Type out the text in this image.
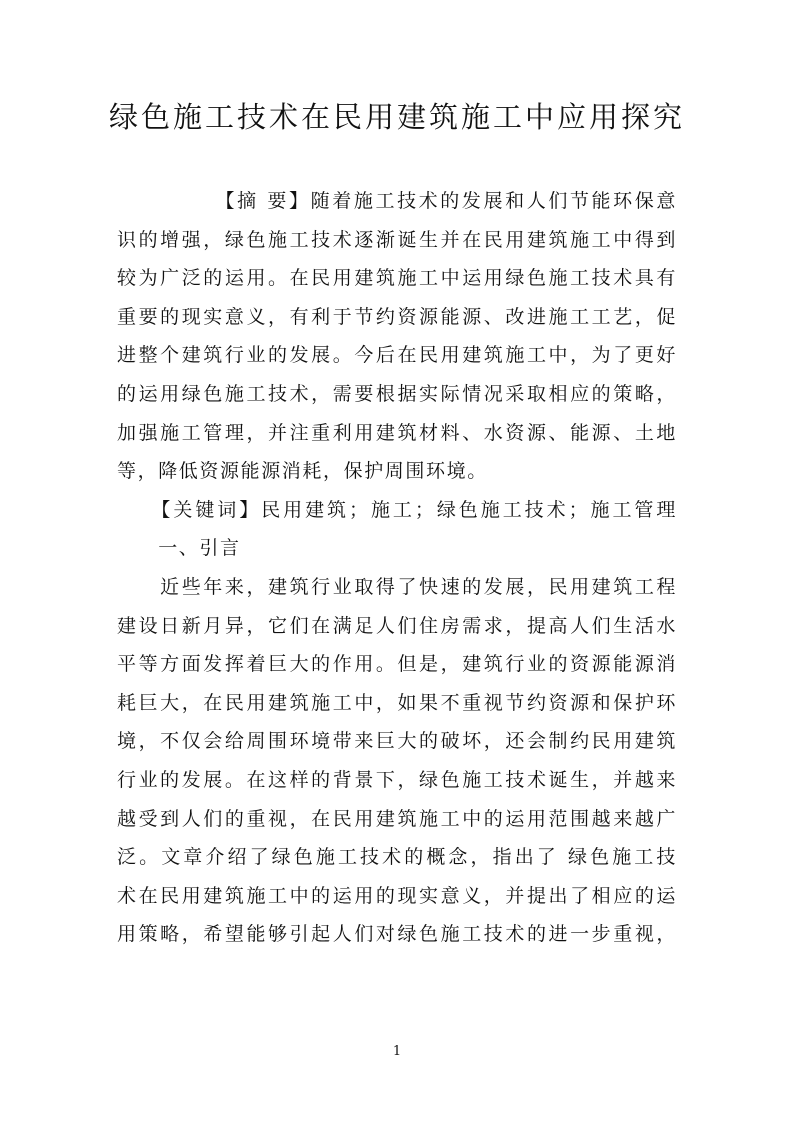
绿色施工技术在民用建筑施工中应用探究
　　　　　【摘 要】随着施工技术的发展和人们节能环保意
识的增强，绿色施工技术逐渐诞生并在民用建筑施工中得到
较为广泛的运用。在民用建筑施工中运用绿色施工技术具有
重要的现实意义，有利于节约资源能源、改进施工工艺，促
进整个建筑行业的发展。今后在民用建筑施工中，为了更好
的运用绿色施工技术，需要根据实际情况采取相应的策略，
加强施工管理，并注重利用建筑材料、水资源、能源、土地
等，降低资源能源消耗，保护周围环境。
　　【关键词】民用建筑；施工；绿色施工技术；施工管理
　　一、引言
　　近些年来，建筑行业取得了快速的发展，民用建筑工程
建设日新月异，它们在满足人们住房需求，提高人们生活水
平等方面发挥着巨大的作用。但是，建筑行业的资源能源消
耗巨大，在民用建筑施工中，如果不重视节约资源和保护环
境，不仅会给周围环境带来巨大的破坏，还会制约民用建筑
行业的发展。在这样的背景下，绿色施工技术诞生，并越来
越受到人们的重视，在民用建筑施工中的运用范围越来越广
泛。文章介绍了绿色施工技术的概念，指出了 绿色施工技
术在民用建筑施工中的运用的现实意义，并提出了相应的运
用策略，希望能够引起人们对绿色施工技术的进一步重视，
1
